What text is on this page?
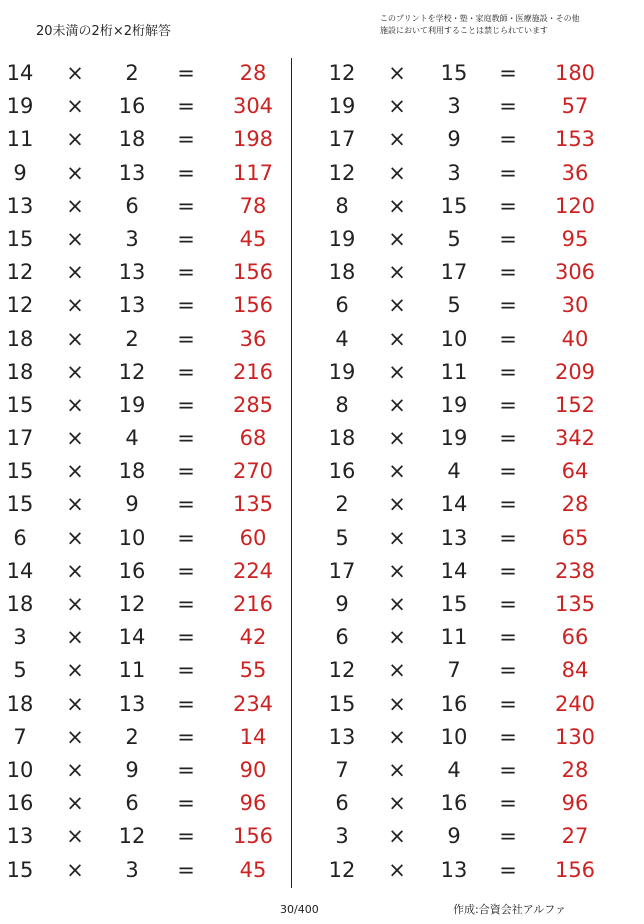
20未満の2桁×2桁解答
このプリントを学校・塾・家庭教師・医療施設・その他
施設において利用することは禁じられています
14	×	2	=	28
19	×	16	=	304
11	×	18	=	198
9	×	13	=	117
13	×	6	=	78
15	×	3	=	45
12	×	13	=	156
12	×	13	=	156
18	×	2	=	36
18	×	12	=	216
15	×	19	=	285
17	×	4	=	68
15	×	18	=	270
15	×	9	=	135
6	×	10	=	60
14	×	16	=	224
18	×	12	=	216
3	×	14	=	42
5	×	11	=	55
18	×	13	=	234
7	×	2	=	14
10	×	9	=	90
16	×	6	=	96
13	×	12	=	156
15	×	3	=	45
12	×	15	=	180
19	×	3	=	57
17	×	9	=	153
12	×	3	=	36
8	×	15	=	120
19	×	5	=	95
18	×	17	=	306
6	×	5	=	30
4	×	10	=	40
19	×	11	=	209
8	×	19	=	152
18	×	19	=	342
16	×	4	=	64
2	×	14	=	28
5	×	13	=	65
17	×	14	=	238
9	×	15	=	135
6	×	11	=	66
12	×	7	=	84
15	×	16	=	240
13	×	10	=	130
7	×	4	=	28
6	×	16	=	96
3	×	9	=	27
12	×	13	=	156
30/400	作成:合資会社アルファ
